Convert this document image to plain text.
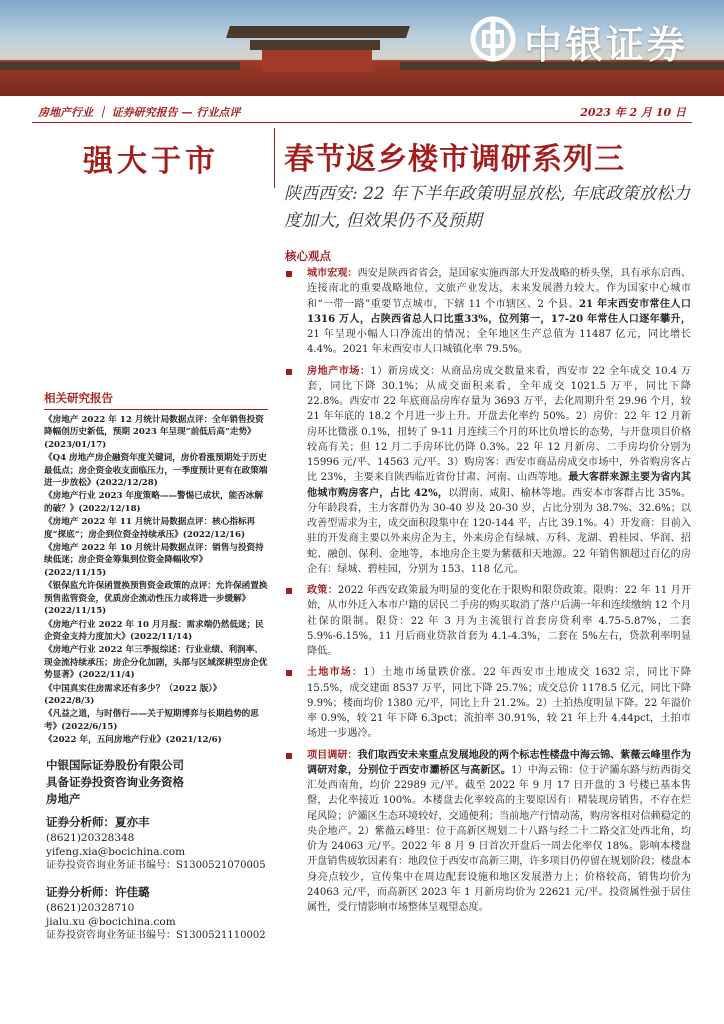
中银证券
房地产行业 ｜ 证券研究报告 — 行业点评	2023 年 2 月 10 日
强大于市	春节返乡楼市调研系列三
陕西西安: 22 年下半年政策明显放松, 年底政策放松力度加大, 但效果仍不及预期
相关研究报告
《房地产 2022 年 12 月统计局数据点评：全年销售投资降幅创历史新低，预期 2023 年呈现“前低后高”走势》(2023/01/17)
《Q4 房地产房企融资年度关键词，房价看涨预期处于历史最低点；房企资金收支面临压力，一季度预计更有在政策端进一步放松》(2022/12/28)
《房地产行业 2023 年度策略——警惕已成状，能否冰解的破？》(2022/12/18)
《房地产 2022 年 11 月统计局数据点评：核心指标再度“探底”；房企到位资金持续承压》(2022/12/16)
《房地产 2022 年 10 月统计局数据点评：销售与投资持续低迷；房企资金筹集到位资金降幅收窄》(2022/11/15)
《银保监允许保函置换预售资金政策的点评：允许保函置换预售监管资金，优质房企流动性压力或将进一步缓解》(2022/11/15)
《房地产行业 2022 年 10 月月报：需求端仍然低迷；民企资金支持力度加大》(2022/11/14)
《房地产行业 2022 年三季报综述：行业业绩、利润率、现金流持续承压；房企分化加剧，头部与区域深耕型房企优势显著》(2022/11/4)
《中国真实住房需求还有多少？（2022 版）》(2022/8/3)
《凡益之道，与时偕行——关于短期博弈与长期趋势的思考》(2022/6/15)
《2022 年，五问房地产行业》(2021/12/6)
中银国际证券股份有限公司
具备证券投资咨询业务资格
房地产
证券分析师：夏亦丰
(8621)20328348
yifeng.xia@bocichina.com
证券投资咨询业务证书编号：S1300521070005
证券分析师：许佳璐
(8621)20328710
jialu.xu @bocichina.com
证券投资咨询业务证书编号：S1300521110002
核心观点
城市宏观：西安是陕西省省会，是国家实施西部大开发战略的桥头堡，具有承东启西、连接南北的重要战略地位，文旅产业发达，未来发展潜力较大。作为国家中心城市和“一带一路”重要节点城市，下辖 11 个市辖区、2 个县。21 年末西安市常住人口 1316 万人，占陕西省总人口比重33%，位列第一，17-20 年常住人口逐年攀升，21 年呈现小幅人口净流出的情况；全年地区生产总值为 11487 亿元，同比增长 4.4%。2021 年末西安市人口城镇化率 79.5%。
房地产市场：1）新房成交：从商品房成交数量来看，西安市 22 全年成交 10.4 万套，同比下降 30.1%；从成交面积来看，全年成交 1021.5 万平，同比下降 22.8%。西安市 22 年底商品房库存量为 3693 万平，去化周期升至 29.96 个月，较 21 年年底的 18.2 个月进一步上升。开盘去化率约 50%。2）房价：22 年 12 月新房环比微涨 0.1%，扭转了 9-11 月连续三个月的环比负增长的态势，与开盘项目价格较高有关；但 12 月二手房环比仍降 0.3%。22 年 12 月新房、二手房均价分别为 15996 元/平、14563 元/平。3）购房客：西安市商品房成交市场中，外省购房客占比 23%，主要来自陕西临近省份甘肃、河南、山西等地。最大客群来源主要为省内其他城市购房客户，占比 42%，以渭南、咸阳、榆林等地。西安本市客群占比 35%。分年龄段看，主力客群仍为 30-40 岁及 20-30 岁，占比分别为 38.7%、32.6%；以改善型需求为主，成交面积段集中在 120-144 平，占比 39.1%。4）开发商：目前入驻的开发商主要以外来房企为主，外来房企有绿城、万科、龙湖、碧桂园、华润、招蛇、融创、保利、金地等，本地房企主要为紫薇和天地源。22 年销售额超过百亿的房企有：绿城、碧桂园，分别为 153、118 亿元。
政策：2022 年西安政策最为明显的变化在于限购和限贷政策。限购：22 年 11 月开始，从市外迁入本市户籍的居民二手房的购买取消了落户后满一年和连续缴纳 12 个月社保的限制。限贷：22 年 3 月为主流银行首套房贷利率 4.75-5.87%，二套 5.9%-6.15%，11 月后商业贷款首套为 4.1-4.3%，二套在 5%左右，贷款利率明显降低。
土地市场：1）土地市场量跌价涨。22 年西安市土地成交 1632 宗，同比下降 15.5%，成交建面 8537 万平，同比下降 25.7%；成交总价 1178.5 亿元，同比下降 9.9%；楼面均价 1380 元/平，同比上升 21.2%。2）土拍热度明显下降。22 年溢价率 0.9%，较 21 年下降 6.3pct；流拍率 30.91%，较 21 年上升 4.44pct，土拍市场进一步遇冷。
项目调研：我们取西安未来重点发展地段的两个标志性楼盘中海云锦、紫薇云峰里作为调研对象，分别位于西安市灞桥区与高新区。1）中海云锦：位于浐灞东路与纺西街交汇处西南角，均价 22989 元/平。截至 2022 年 9 月 17 日开盘的 3 号楼已基本售罄，去化率接近 100%。本楼盘去化率较高的主要原因有：精装现房销售，不存在烂尾风险；浐灞区生态环境较好，交通便利；当前地产行情动荡，购房客相对信赖稳定的央企地产。2）紫薇云峰里：位于高新区规划二十八路与经二十二路交汇处西北角，均价为 24063 元/平。2022 年 8 月 9 日首次开盘后一周去化率仅 18%。影响本楼盘开盘销售疲软因素有：地段位于西安市高新三期，许多项目仍停留在规划阶段；楼盘本身亮点较少，宣传集中在周边配套设施和地区发展潜力上；价格较高，销售均价为 24063 元/平，而高新区 2023 年 1 月新房均价为 22621 元/平。投资属性强于居住属性，受行情影响市场整体呈观望态度。
